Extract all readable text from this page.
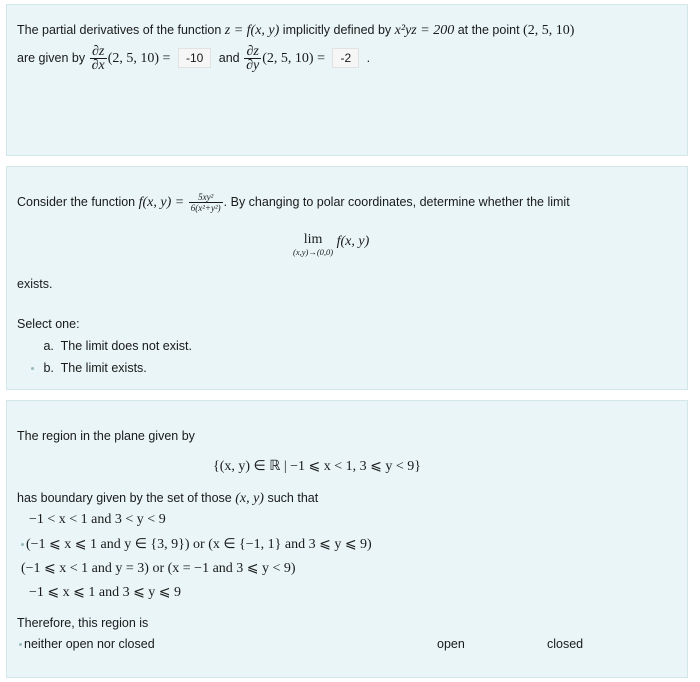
The partial derivatives of the function z = f(x, y) implicitly defined by x²yz = 200 at the point (2, 5, 10)
are given by $\frac{\partial z}{\partial x} (2$, 5, 10) = -10 and $\frac{\partial z}{\partial y} (2$, 5, 10) = -2 .
Consider the function f(x, $y) = \frac{\text{5xy²}}{\text{6(x²+y²)}}$ . By changing to polar coordinates, determine whether the limit
lim
(x,y)→(0,0)
f(x, y)
exists.
Select one:
a. The limit does not exist.
b. The limit exists.
The region in the plane given by
{(x, y) ∈ ℝ | −1 ⩽ x < 1, 3 ⩽ y < 9}
has boundary given by the set of those (x, y) such that
−1 < x < 1 and 3 < y < 9
(−1 ⩽ x ⩽ 1 and y ∈ {3, 9}) or (x ∈ {−1, 1} and 3 ⩽ y ⩽ 9)
(−1 ⩽ x < 1 and y = 3) or (x = −1 and 3 ⩽ y < 9)
−1 ⩽ x ⩽ 1 and 3 ⩽ y ⩽ 9
Therefore, this region is
neither open nor closed	open	closed
